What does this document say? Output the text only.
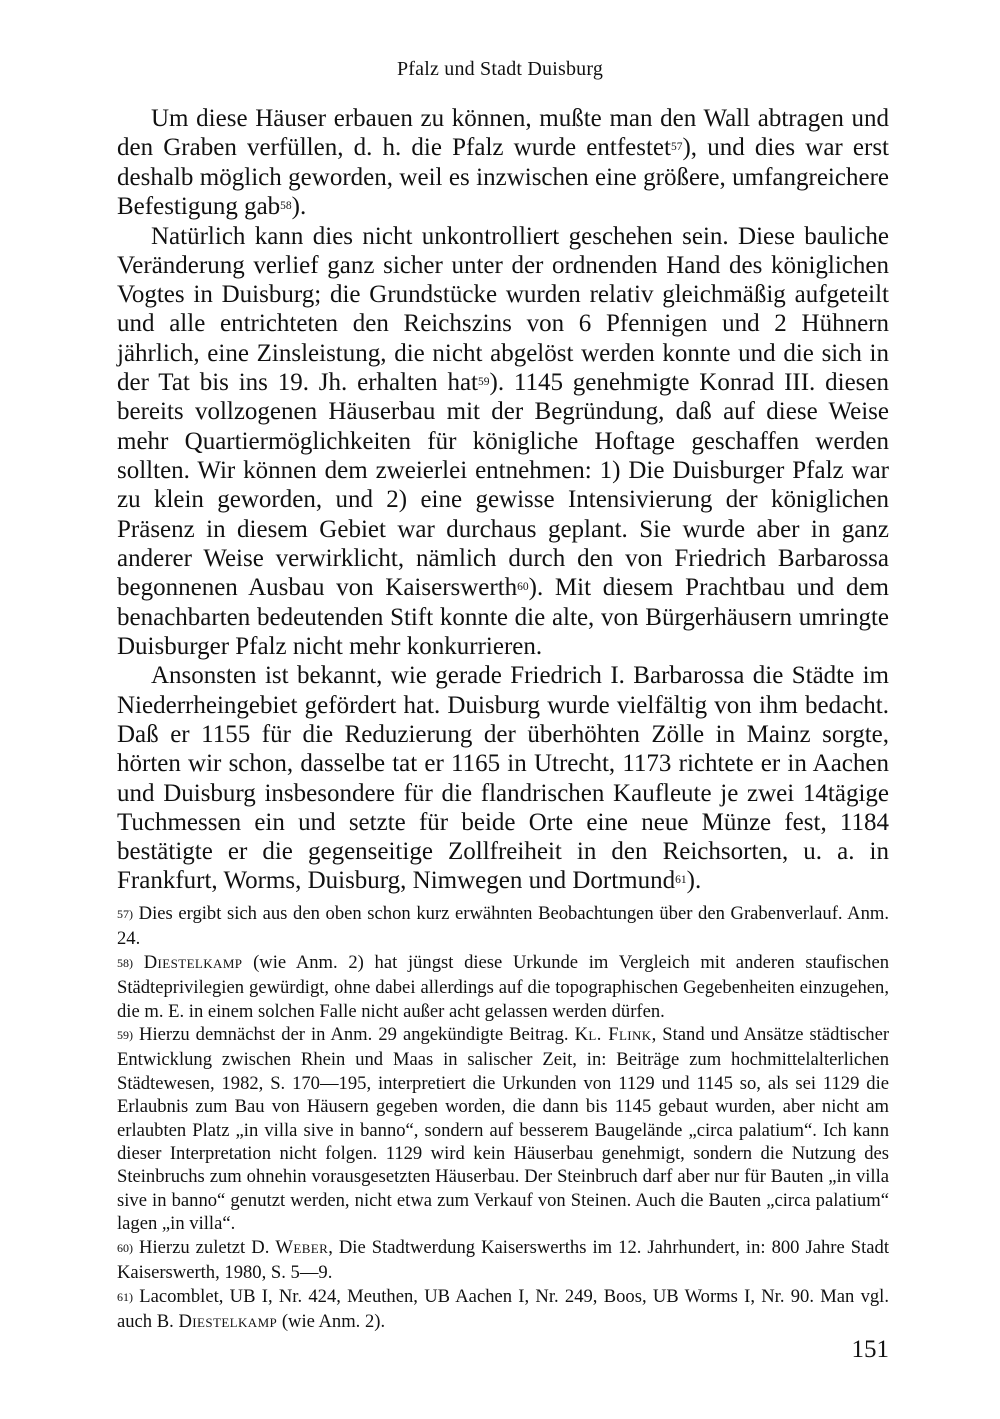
Pfalz und Stadt Duisburg

Um diese Häuser erbauen zu können, mußte man den Wall abtragen und den Graben verfüllen, d. h. die Pfalz wurde entfestet$^{57}$), und dies war erst deshalb möglich geworden, weil es inzwischen eine größere, umfangreichere Befestigung gab$^{58}$).

Natürlich kann dies nicht unkontrolliert geschehen sein. Diese bauliche Veränderung verlief ganz sicher unter der ordnenden Hand des königlichen Vogtes in Duisburg; die Grundstücke wurden relativ gleichmäßig aufgeteilt und alle entrichteten den Reichszins von 6 Pfennigen und 2 Hühnern jährlich, eine Zinsleistung, die nicht abgelöst werden konnte und die sich in der Tat bis ins 19. Jh. erhalten hat$^{59}$). 1145 genehmigte Konrad III. diesen bereits vollzogenen Häuserbau mit der Begründung, daß auf diese Weise mehr Quartiermöglichkeiten für königliche Hoftage geschaffen werden sollten. Wir können dem zweierlei entnehmen: 1) Die Duisburger Pfalz war zu klein geworden, und 2) eine gewisse Intensivierung der königlichen Präsenz in diesem Gebiet war durchaus geplant. Sie wurde aber in ganz anderer Weise verwirklicht, nämlich durch den von Friedrich Barbarossa begonnenen Ausbau von Kaiserswerth$^{60}$). Mit diesem Prachtbau und dem benachbarten bedeutenden Stift konnte die alte, von Bürgerhäusern umringte Duisburger Pfalz nicht mehr konkurrieren.

Ansonsten ist bekannt, wie gerade Friedrich I. Barbarossa die Städte im Niederrheingebiet gefördert hat. Duisburg wurde vielfältig von ihm bedacht. Daß er 1155 für die Reduzierung der überhöhten Zölle in Mainz sorgte, hörten wir schon, dasselbe tat er 1165 in Utrecht, 1173 richtete er in Aachen und Duisburg insbesondere für die flandrischen Kaufleute je zwei 14tägige Tuchmessen ein und setzte für beide Orte eine neue Münze fest, 1184 bestätigte er die gegenseitige Zollfreiheit in den Reichsorten, u. a. in Frankfurt, Worms, Duisburg, Nimwegen und Dortmund$^{61}$).

57) Dies ergibt sich aus den oben schon kurz erwähnten Beobachtungen über den Grabenverlauf. Anm. 24.

58) Diestelkamp (wie Anm. 2) hat jüngst diese Urkunde im Vergleich mit anderen staufischen Städteprivilegien gewürdigt, ohne dabei allerdings auf die topographischen Gegebenheiten einzugehen, die m. E. in einem solchen Falle nicht außer acht gelassen werden dürfen.

59) Hierzu demnächst der in Anm. 29 angekündigte Beitrag. Kl. Flink, Stand und Ansätze städtischer Entwicklung zwischen Rhein und Maas in salischer Zeit, in: Beiträge zum hochmittelalterlichen Städtewesen, 1982, S. 170—195, interpretiert die Urkunden von 1129 und 1145 so, als sei 1129 die Erlaubnis zum Bau von Häusern gegeben worden, die dann bis 1145 gebaut wurden, aber nicht am erlaubten Platz „in villa sive in banno“, sondern auf besserem Baugelände „circa palatium“. Ich kann dieser Interpretation nicht folgen. 1129 wird kein Häuserbau genehmigt, sondern die Nutzung des Steinbruchs zum ohnehin vorausgesetzten Häuserbau. Der Steinbruch darf aber nur für Bauten „in villa sive in banno“ genutzt werden, nicht etwa zum Verkauf von Steinen. Auch die Bauten „circa palatium“ lagen „in villa“.

60) Hierzu zuletzt D. Weber, Die Stadtwerdung Kaiserswerths im 12. Jahrhundert, in: 800 Jahre Stadt Kaiserswerth, 1980, S. 5—9.

61) Lacomblet, UB I, Nr. 424, Meuthen, UB Aachen I, Nr. 249, Boos, UB Worms I, Nr. 90. Man vgl. auch B. Diestelkamp (wie Anm. 2).

151
